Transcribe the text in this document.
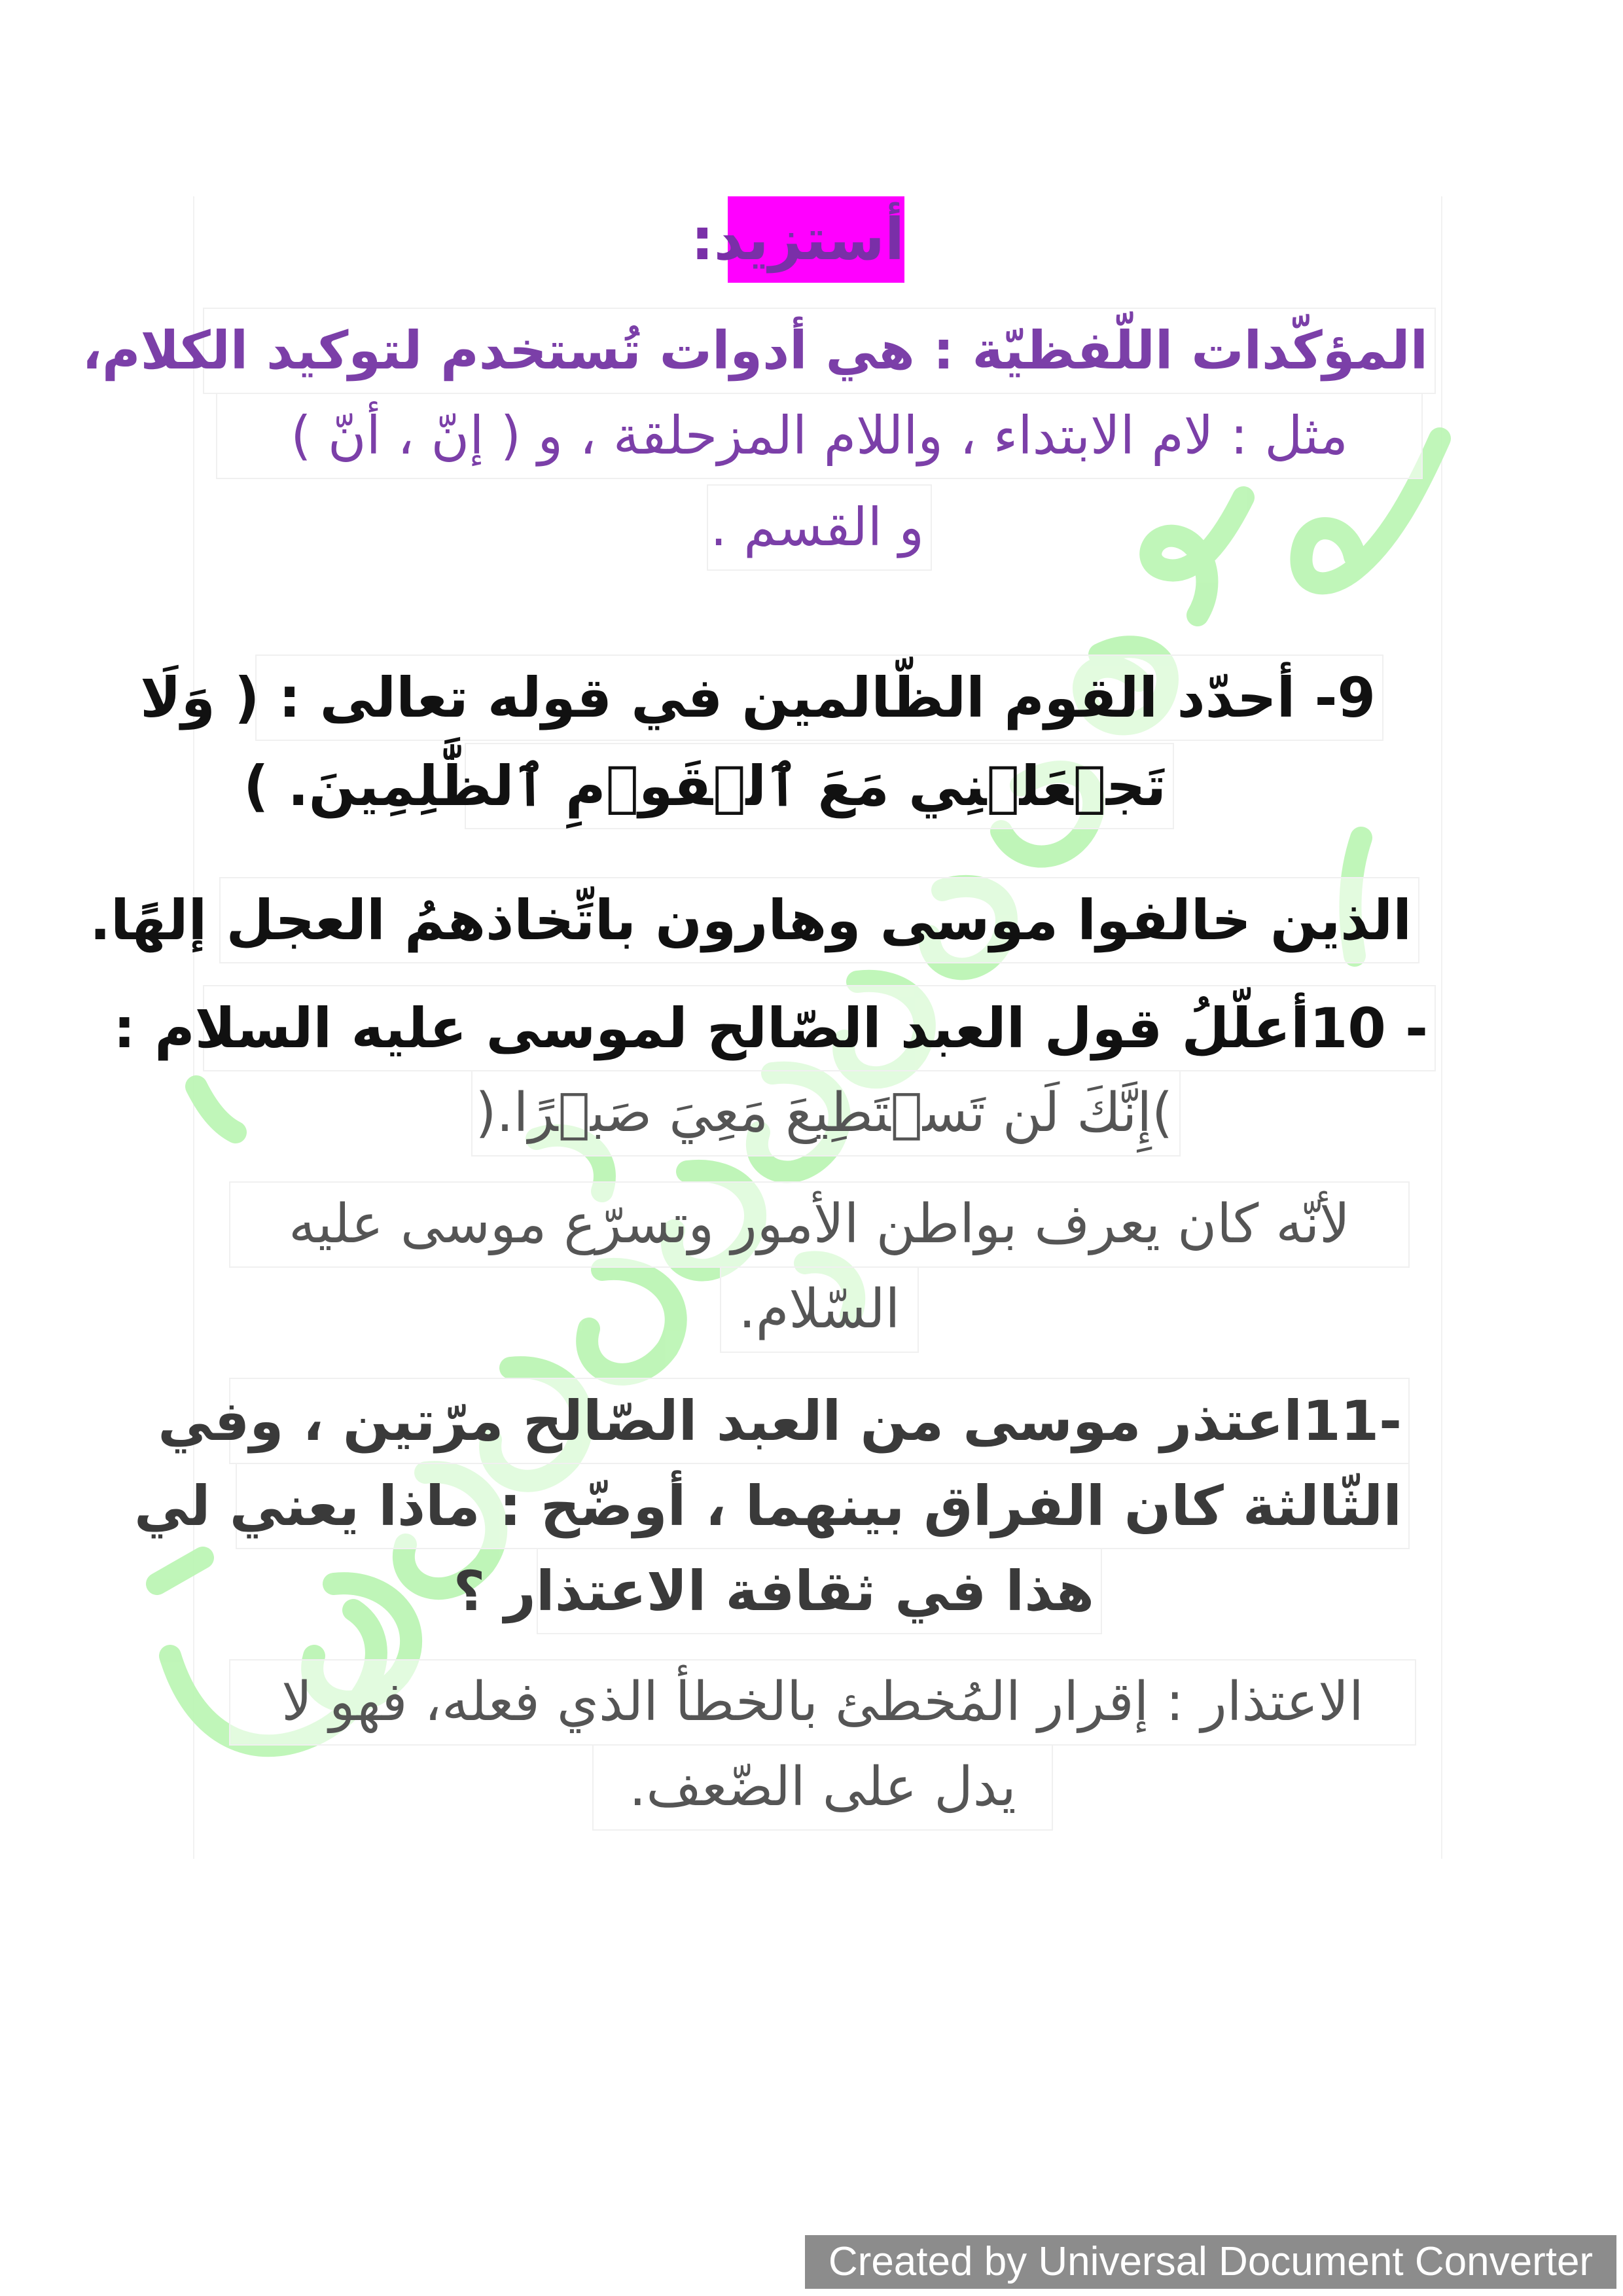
أستزيد:
المؤكّدات اللّفظيّة : هي أدوات تُستخدم لتوكيد الكلام،
مثل : لام الابتداء ، واللام المزحلقة ، و ( إنّ ، أنّ )
و القسم .
9- أحدّد القوم الظّالمين في قوله تعالى : ( وَلَا
تَجۡعَلۡنِي مَعَ ٱلۡقَوۡمِ ٱلظَّٰلِمِينَ. )
الذين خالفوا موسى وهارون باتِّخاذهمُ العجل إلهًا.
- 10أعلّلُ قول العبد الصّالح لموسى عليه السلام :
)إِنَّكَ لَن تَسۡتَطِيعَ مَعِيَ صَبۡرًا.(
لأنّه كان يعرف بواطن الأمور وتسرّع موسى عليه
السّلام.
-11اعتذر موسى من العبد الصّالح مرّتين ، وفي
الثّالثة كان الفراق بينهما ، أوضّح : ماذا يعني لي
هذا في ثقافة الاعتذار ؟
الاعتذار : إقرار المُخطئ بالخطأ الذي فعله، فهو لا
يدل على الضّعف.
Created by Universal Document Converter
